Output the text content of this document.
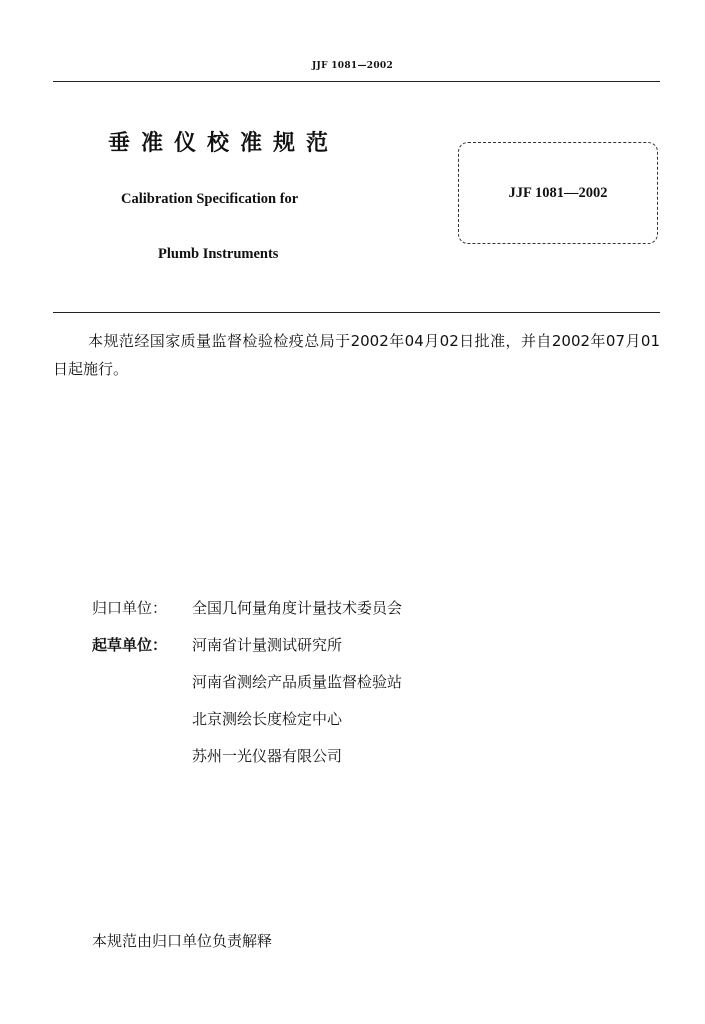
JJF 1081—2002
垂准仪校准规范
Calibration Specification for
Plumb Instruments
JJF 1081—2002
本规范经国家质量监督检验检疫总局于2002年04月02日批准，并自2002年07月01日起施行。
归口单位：	全国几何量角度计量技术委员会
起草单位：	河南省计量测试研究所
河南省测绘产品质量监督检验站
北京测绘长度检定中心
苏州一光仪器有限公司
本规范由归口单位负责解释
